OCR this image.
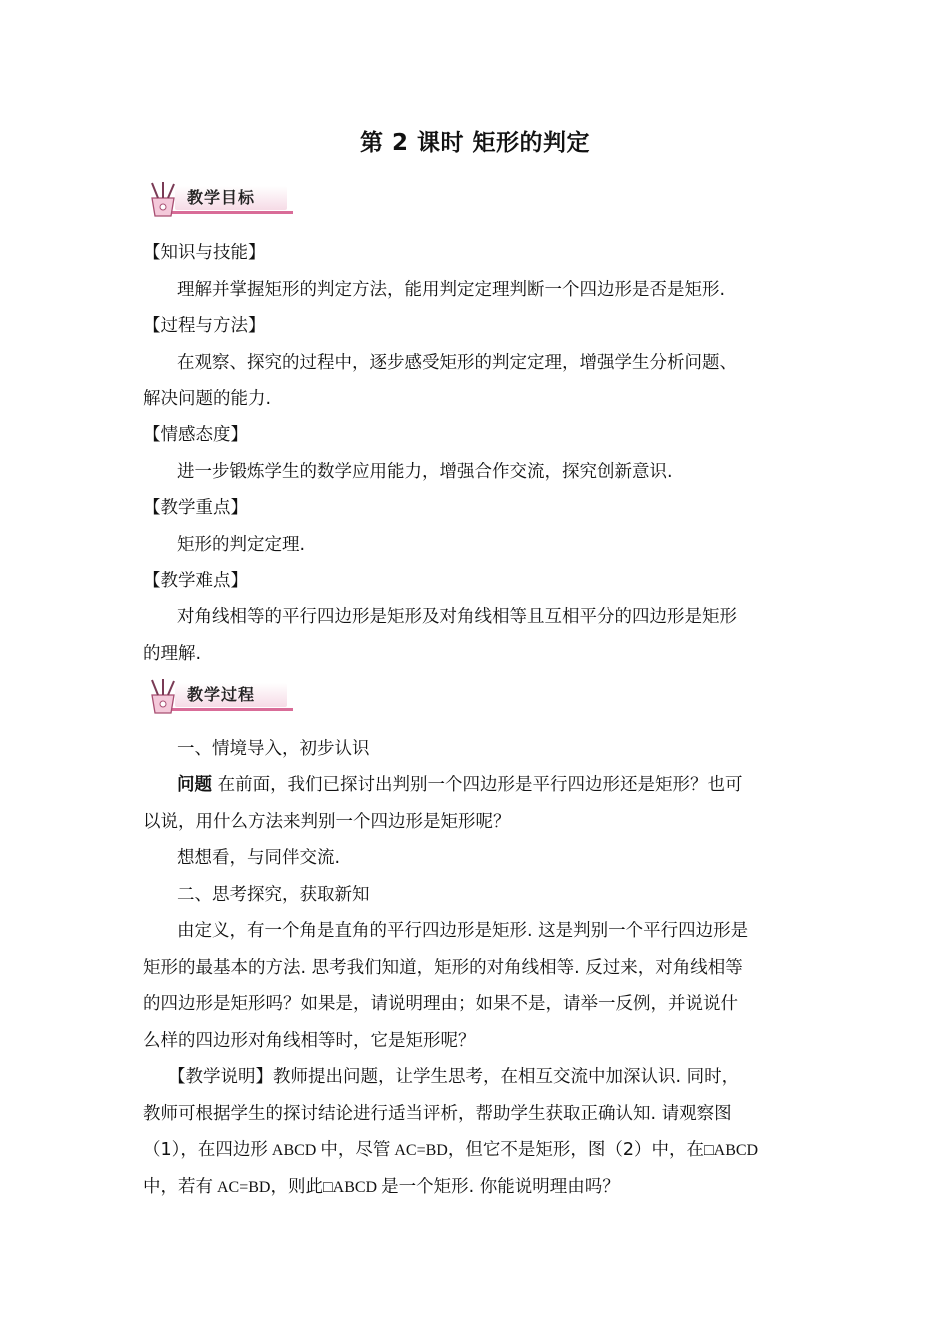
第 2 课时 矩形的判定
教学目标
【知识与技能】
理解并掌握矩形的判定方法，能用判定定理判断一个四边形是否是矩形.
【过程与方法】
在观察、探究的过程中，逐步感受矩形的判定定理，增强学生分析问题、
解决问题的能力.
【情感态度】
进一步锻炼学生的数学应用能力，增强合作交流，探究创新意识.
【教学重点】
矩形的判定定理.
【教学难点】
对角线相等的平行四边形是矩形及对角线相等且互相平分的四边形是矩形
的理解.
教学过程
一、情境导入，初步认识
问题 在前面，我们已探讨出判别一个四边形是平行四边形还是矩形？也可
以说，用什么方法来判别一个四边形是矩形呢？
想想看，与同伴交流.
二、思考探究，获取新知
由定义，有一个角是直角的平行四边形是矩形. 这是判别一个平行四边形是
矩形的最基本的方法. 思考我们知道，矩形的对角线相等. 反过来，对角线相等
的四边形是矩形吗？如果是，请说明理由；如果不是，请举一反例，并说说什
么样的四边形对角线相等时，它是矩形呢？
【教学说明】教师提出问题，让学生思考，在相互交流中加深认识. 同时，
教师可根据学生的探讨结论进行适当评析，帮助学生获取正确认知. 请观察图
（1），在四边形 ABCD 中，尽管 AC=BD，但它不是矩形，图（2）中，在□ABCD
中，若有 AC=BD，则此□ABCD 是一个矩形. 你能说明理由吗？
